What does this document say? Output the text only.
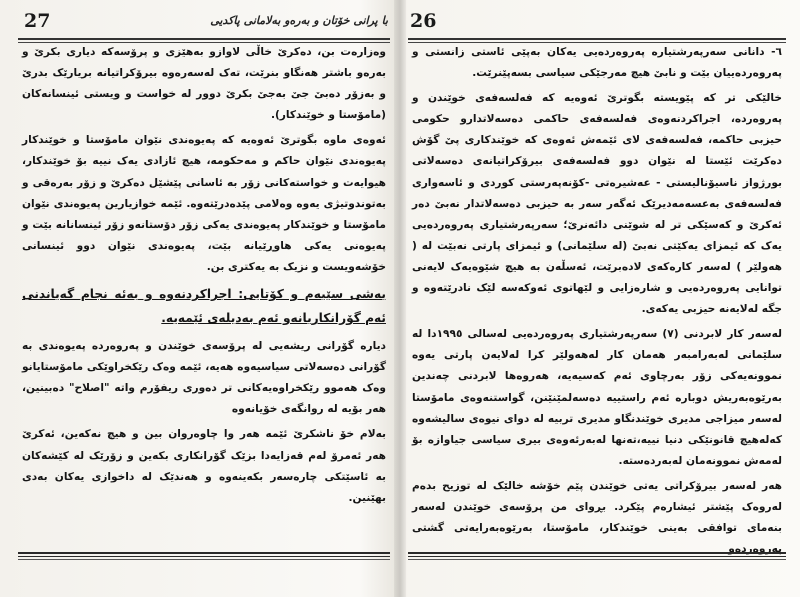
27	با پرانی خۆتان و بەرەو بەلامانی پاکدیی

وەزارەت بن، دەکرێ خاڵی لاوازو بەهێزی و پرۆسەکە دیاری بکرێ و بەرەو باشتر هەنگاو بنرێت، تەک لەسەرەوە بیرۆکراتیانە بریارێک بدرێ و بەزۆر دەبێ جێ بەجێ بکرێ دوور لە خواست و ویستی ئینسانەکان (مامۆستا و خوێندکار).

ئەوەی ماوە بگوترێ ئەوەیە کە پەیوەندی نێوان مامۆستا و خوێندکار پەیوەندی نێوان حاکم و مەحکومە، هیچ ئازادی یەک نییە بۆ خوێندکار، هیوایەت و خواستەکانی زۆر بە ئاسانی پێشێل دەکرێ و زۆر بەرەقی و بەتوندوتیژی یەوە وەلامی پێدەدرێتەوە. ئێمە خوازیارین پەیوەندی نێوان مامۆستا و خوێندکار پەیوەندی یەکی زۆر دۆستانەو زۆر ئینسانانە بێت و پەیوەنی یەکی هاوڕێیانە بێت، پەیوەندی نێوان دوو ئینسانی خۆشەویست و نزیک بە یەکتری بن.

بەشی سێیەم و کۆتایی: اجراکردنەوە و بەئە نجام گەیاندنی ئەم گۆرانکاریانەو ئەم بەدیلەی ئێمەیە.

دیارە گۆرانی ریشەیی لە پرۆسەی خوێندن و پەروەردە پەیوەندی بە گۆرانی دەسەلاتی سیاسیەوە هەیە، ئێمە وەک رێکخراوێکی مامۆستایانو وەک هەموو رێکخراوەیەکانی تر دەوری ریفۆرم واتە "اصلاح" دەبینین، هەر بۆیە لە روانگەی خۆیانەوە

بەلام خۆ ناشکرێ ئێمە هەر وا چاوەروان بین و هیچ نەکەین، ئەکرێ هەر ئەمرۆ لەم قەزایەدا بزێک گۆرانکاری بکەین و زۆرێک لە کێشەکان بە ئاسێتکی چارەسەر بکەینەوە و هەندێک لە داخوازی یەکان بەدی بهێنین.

26

٦- دانانی سەرپەرشتیارە پەروەردەیی یەکان بەپێی ئاستی زانستی و پەروەردەییان بێت و نابێ هیچ مەرجێکی سیاسی بسەپێنرێت.

خالێکی تر کە پێویستە بگوترێ ئەوەیە کە فەلسەفەی خوێندن و پەروەردە، اجراکردنەوەی فەلسەفەی حاکمی دەسەلاتدارو حکومی حیزبی حاکمە، فەلسەفەی لای ئێمەش ئەوەی کە خوێندکاری پێ گۆش دەکرێت ئێستا لە نێوان دوو فەلسەفەی بیرۆکراتیانەی دەسەلاتی بورژواز ناسیۆنالیستی - عەشیرەتی -کۆنەپەرستی کوردی و ئاسەواری فەلسەفەی بەعسەمەدیرێک ئەگەر سەر بە حیزبی دەسەلاتدار نەبێ دەر ئەکرێ و کەسێکی تر لە شوێنی دائەنرێ؛ سەرپەرشتیاری پەروەردەیی یەک کە ئیمزای یەکێتی نەبێ (لە سلێمانی) و ئیمزای پارتی نەبێت لە ( هەولێر ) لەسەر کارەکەی لادەبرێت، ئەسڵەن بە هیچ شێوەیەک لایەنی توانایی پەروەردەیی و شارەزایی و لێهاتوی ئەوکەسە لێک نادرێتەوە و جگە لەلایەنە حیزبی یەکەی.

لەسەر کار لابردنی (٧) سەرپەرشتیاری پەروەردەیی لەسالی ١٩٩٥دا لە سلێمانی لەبەرامبەر هەمان کار لەهەولێر کرا لەلایەن پارتی یەوە نموونەیەکی زۆر بەرچاوی ئەم کەسیەیە، هەروەها لابردنی چەندین بەرێوەبەریش دوبارە ئەم راستییە دەسەلمێنێنن، گواستنەوەی مامۆستا لەسەر میزاجی مدیری خوێندنگاو مدیری تربیە لە دوای نیوەی سالیشەوە کەلەهیچ قانونێکی دنیا نییە،تەنها لەبەرئەوەی بیری سیاسی جیاوازە بۆ لەمەش نموونەمان لەبەردەستە.

هەر لەسەر بیرۆکراتی یەتی خوێندن پێم خۆشە خالێک لە توزیح بدەم لەروەک پێشتر ئیشارەم پێکرد. بڕوای من پرۆسەی خوێندن لەسەر بنەمای توافقی بەینی خوێندکار، مامۆستا، بەرێوەبەرایەتی گشتی پەروەردەو
